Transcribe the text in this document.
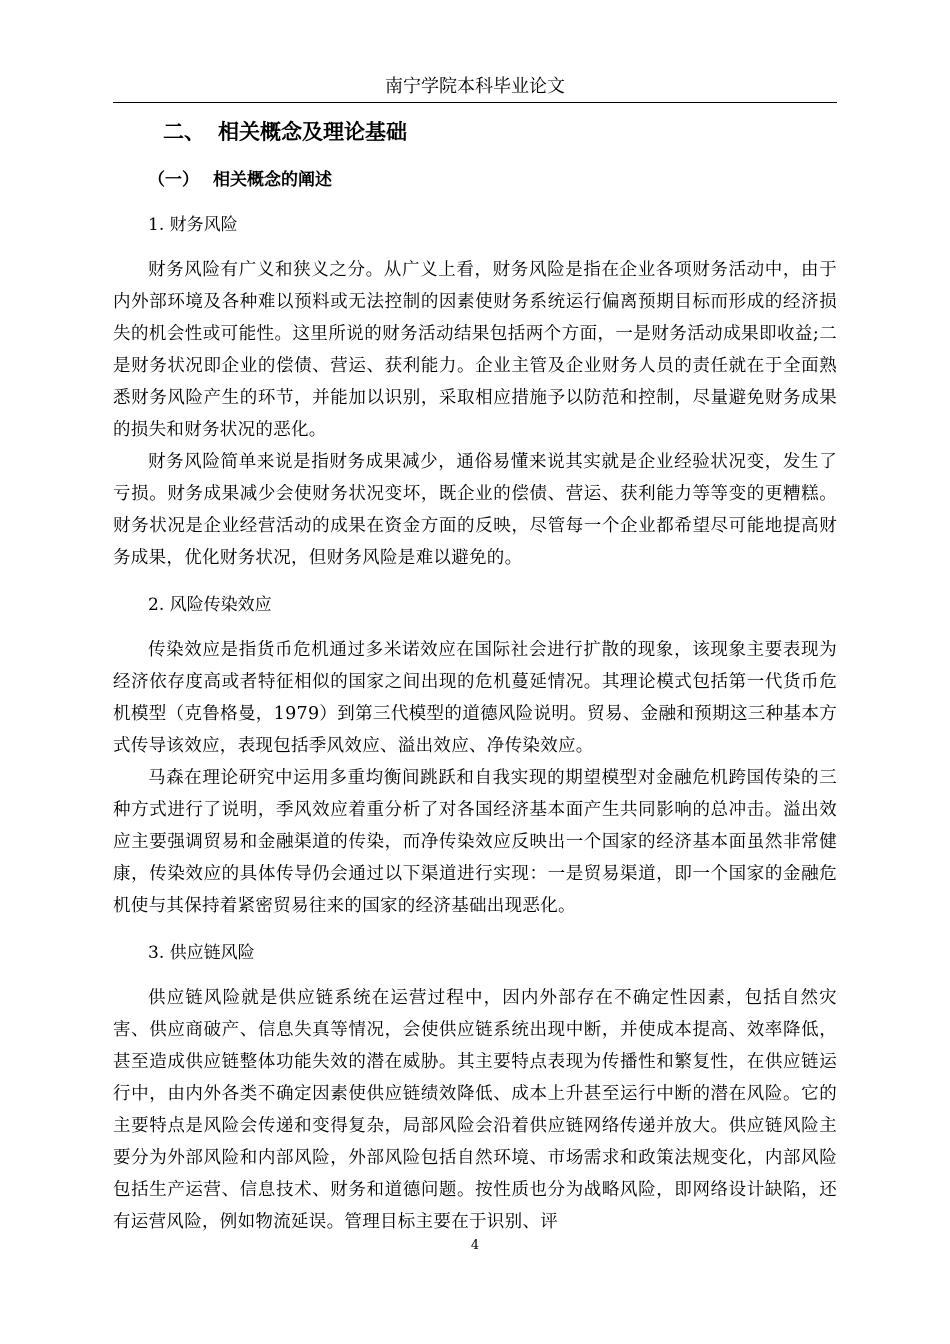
南宁学院本科毕业论文
二、 相关概念及理论基础
（一） 相关概念的阐述
1. 财务风险

财务风险有广义和狭义之分。从广义上看，财务风险是指在企业各项财务活动中，由于内外部环境及各种难以预料或无法控制的因素使财务系统运行偏离预期目标而形成的经济损失的机会性或可能性。这里所说的财务活动结果包括两个方面，一是财务活动成果即收益;二是财务状况即企业的偿债、营运、获利能力。企业主管及企业财务人员的责任就在于全面熟悉财务风险产生的环节，并能加以识别，采取相应措施予以防范和控制，尽量避免财务成果的损失和财务状况的恶化。

财务风险简单来说是指财务成果减少，通俗易懂来说其实就是企业经验状况变，发生了亏损。财务成果减少会使财务状况变坏，既企业的偿债、营运、获利能力等等变的更糟糕。财务状况是企业经营活动的成果在资金方面的反映，尽管每一个企业都希望尽可能地提高财务成果，优化财务状况，但财务风险是难以避免的。

2. 风险传染效应

传染效应是指货币危机通过多米诺效应在国际社会进行扩散的现象，该现象主要表现为经济依存度高或者特征相似的国家之间出现的危机蔓延情况。其理论模式包括第一代货币危机模型（克鲁格曼，1979）到第三代模型的道德风险说明。贸易、金融和预期这三种基本方式传导该效应，表现包括季风效应、溢出效应、净传染效应。

马森在理论研究中运用多重均衡间跳跃和自我实现的期望模型对金融危机跨国传染的三种方式进行了说明，季风效应着重分析了对各国经济基本面产生共同影响的总冲击。溢出效应主要强调贸易和金融渠道的传染，而净传染效应反映出一个国家的经济基本面虽然非常健康，传染效应的具体传导仍会通过以下渠道进行实现：一是贸易渠道，即一个国家的金融危机使与其保持着紧密贸易往来的国家的经济基础出现恶化。

3. 供应链风险

供应链风险就是供应链系统在运营过程中，因内外部存在不确定性因素，包括自然灾害、供应商破产、信息失真等情况，会使供应链系统出现中断，并使成本提高、效率降低，甚至造成供应链整体功能失效的潜在威胁。其主要特点表现为传播性和繁复性，在供应链运行中，由内外各类不确定因素使供应链绩效降低、成本上升甚至运行中断的潜在风险。它的主要特点是风险会传递和变得复杂，局部风险会沿着供应链网络传递并放大。供应链风险主要分为外部风险和内部风险，外部风险包括自然环境、市场需求和政策法规变化，内部风险包括生产运营、信息技术、财务和道德问题。按性质也分为战略风险，即网络设计缺陷，还有运营风险，例如物流延误。管理目标主要在于识别、评

4
